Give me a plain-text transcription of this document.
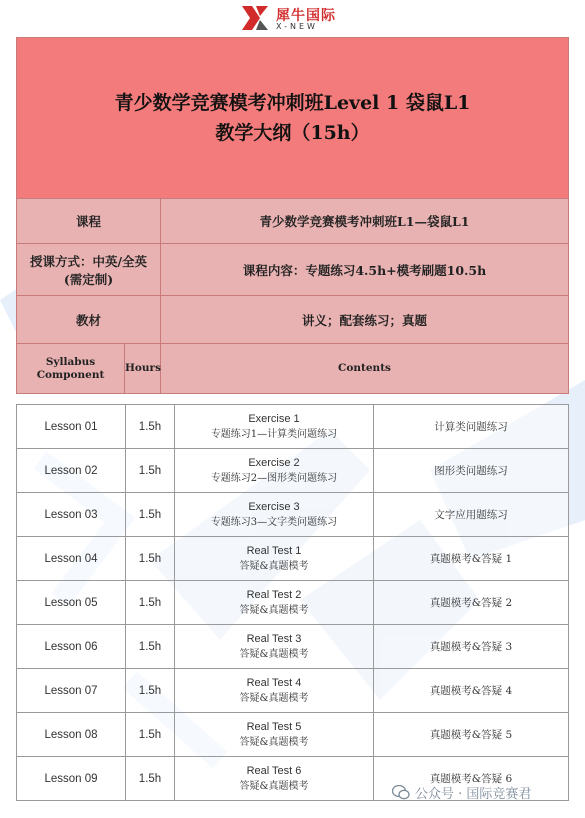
犀牛国际
X-NEW
青少数学竞赛模考冲刺班Level 1 袋鼠L1
教学大纲（15h）		

课程		青少数学竞赛模考冲刺班L1—袋鼠L1

授课方式：中英/全英
(需定制)		课程内容：专题练习4.5h+模考刷题10.5h
教材		讲义；配套练习；真题

Syllabus
Component	Hours	Contents
Lesson 01	1.5h	Exercise 1
专题练习1—计算类问题练习	计算类问题练习
Lesson 02	1.5h	Exercise 2
专题练习2—图形类问题练习	图形类问题练习
Lesson 03	1.5h	Exercise 3
专题练习3—文字类问题练习	文字应用题练习
Lesson 04	1.5h	Real Test 1
答疑&真题模考	真题模考&答疑 1
Lesson 05	1.5h	Real Test 2
答疑&真题模考	真题模考&答疑 2
Lesson 06	1.5h	Real Test 3
答疑&真题模考	真题模考&答疑 3
Lesson 07	1.5h	Real Test 4
答疑&真题模考	真题模考&答疑 4
Lesson 08	1.5h	Real Test 5
答疑&真题模考	真题模考&答疑 5
Lesson 09	1.5h	Real Test 6
答疑&真题模考	真题模考&答疑 6
公众号 · 国际竞赛君
